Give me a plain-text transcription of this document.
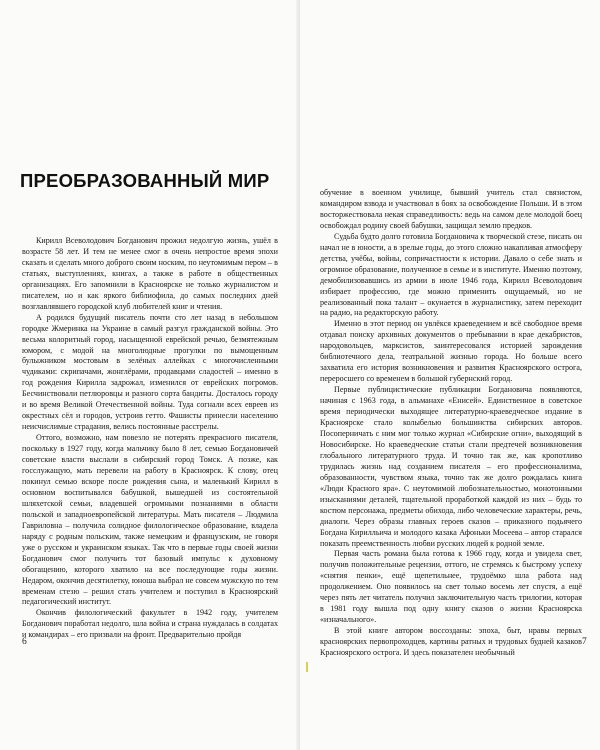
ПРЕОБРАЗОВАННЫЙ МИР

Кирилл Всеволодович Богданович прожил недолгую жизнь, ушёл в возрасте 58 лет. И тем не менее смог в очень непростое время эпохи сказать и сделать много доброго своим носким, по неутомимым пером – в статьях, выступлениях, книгах, а также в работе в общественных организациях. Его запомнили в Красноярске не только журналистом и писателем, но и как яркого библиофила, до самых последних дней возглавлявшего городской клуб любителей книг и чтения.

А родился будущий писатель почти сто лет назад в небольшом городке Жмеринка на Украине в самый разгул гражданской войны. Это весьма колоритный город, насыщенной еврейской речью, безмятежным юмором, с модой на многолюдные прогулки по вымощенным булыжником мостовым в зелёных аллейках с многочисленными чудиками: скрипачами, жонглёрами, продавцами сладостей – именно в год рождения Кирилла задрожал, изменился от еврейских погромов. Бесчинствовали петлюровцы и разного сорта бандиты. Досталось городу и во время Великой Отечественной войны. Туда согнали всех евреев из окрестных сёл и городов, устроив гетто. Фашисты принесли населению неисчислимые страдания, велись постоянные расстрелы.

Оттого, возможно, нам повезло не потерять прекрасного писателя, поскольку в 1927 году, когда мальчику было 8 лет, семью Богдановичей советские власти выслали в сибирский город Томск. А позже, как госслужащую, мать перевели на работу в Красноярск. К слову, отец покинул семью вскоре после рождения сына, и маленький Кирилл в основном воспитывался бабушкой, вышедшей из состоятельной шляхетской семьи, владевшей огромными познаниями в области польской и западноевропейской литературы. Мать писателя – Людмила Гавриловна – получила солидное филологическое образование, владела наряду с родным польским, также немецким и французским, не говоря уже о русском и украинском языках. Так что в первые годы своей жизни Богданович смог получить тот базовый импульс к духовному обогащению, которого хватило на все последующие годы жизни. Недаром, окончив десятилетку, юноша выбрал не совсем мужскую по тем временам стезю – решил стать учителем и поступил в Красноярский педагогический институт.

Окончив филологический факультет в 1942 году, учителем Богданович поработал недолго, шла война и страна нуждалась в солдатах и командирах – его призвали на фронт. Предварительно пройдя

6

обучение в военном училище, бывший учитель стал связистом, командиром взвода и участвовал в боях за освобождение Польши. И в этом восторжествовала некая справедливость: ведь на самом деле молодой боец освобождал родину своей бабушки, защищал землю предков.

Судьба будто долго готовила Богдановича к творческой стезе, писать он начал не в юности, а в зрелые годы, до этого сложно накапливая атмосферу детства, учёбы, войны, сопричастности к истории. Давало о себе знать и огромное образование, полученное в семье и в институте. Именно поэтому, демобилизовавшись из армии в июле 1946 года, Кирилл Всеволодович избирает профессию, где можно применить ощущаемый, но не реализованный пока талант – окунается в журналистику, затем переходит на радио, на редакторскую работу.

Именно в этот период он увлёкся краеведением и всё свободное время отдавал поиску архивных документов о пребывании в крае декабристов, народовольцев, марксистов, заинтересовался историей зарождения библиотечного дела, театральной жизнью города. Но больше всего захватила его история возникновения и развития Красноярского острога, переросшего со временем в большой губернский город.

Первые публицистические публикации Богдановича появляются, начиная с 1963 года, в альманахе «Енисей». Единственное в советское время периодически выходящее литературно-краеведческое издание в Красноярске стало колыбелью большинства сибирских авторов. Посоперничать с ним мог только журнал «Сибирские огни», выходящий в Новосибирске. Но краеведческие статьи стали предтечей возникновения глобального литературного труда. И точно так же, как кропотливо трудилась жизнь над созданием писателя – его профессионализма, образованности, чувством языка, точно так же долго рождалась книга «Люди Красного яра». С неутомимой любознательностью, монотонными изысканиями деталей, тщательной проработкой каждой из них – будь то костюм персонажа, предметы обихода, либо человеческие характеры, речь, диалоги. Через образы главных героев сказов – приказного подьячего Богдана Кирилльича и молодого казака Афоньки Мосеева – автор старался показать преемственность любви русских людей к родной земле.

Первая часть романа была готова к 1966 году, когда и увидела свет, получив положительные рецензии, оттого, не стремясь к быстрому успеху «снятия пенки», ещё щепетильнее, трудоёмко шла работа над продолжением. Оно появилось на свет только восемь лет спустя, а ещё через пять лет читатель получил заключительную часть трилогии, которая в 1981 году вышла под одну книгу сказов о жизни Красноярска «изначального».

В этой книге автором воссозданы: эпоха, быт, нравы первых красноярских первопроходцев, картины ратных и трудовых будней казаков Красноярского острога. И здесь показателен необычный

7
